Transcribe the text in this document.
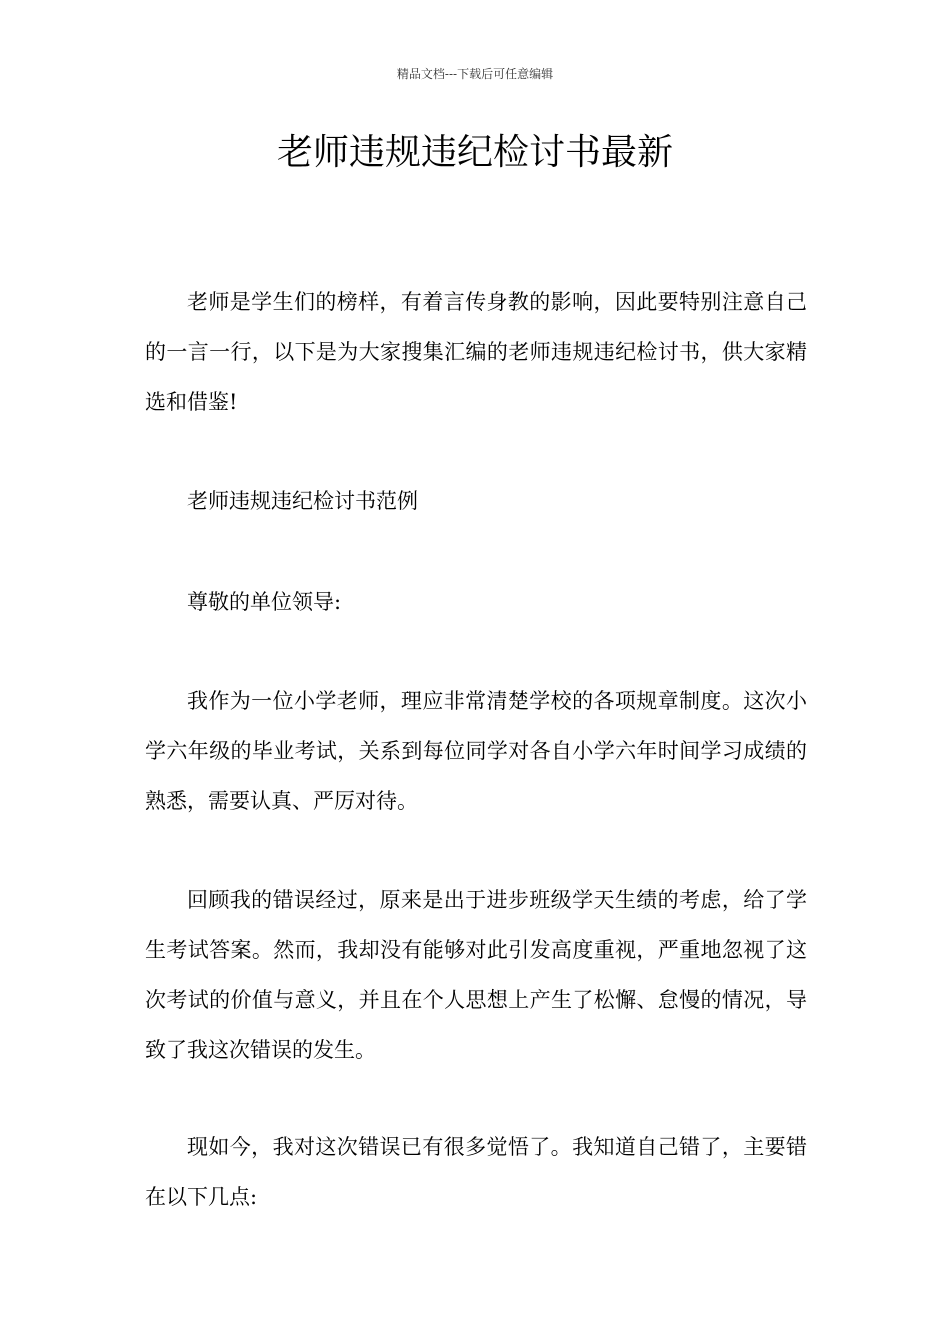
精品文档---下载后可任意编辑
老师违规违纪检讨书最新

老师是学生们的榜样，有着言传身教的影响，因此要特别注意自己的一言一行，以下是为大家搜集汇编的老师违规违纪检讨书，供大家精选和借鉴!

老师违规违纪检讨书范例

尊敬的单位领导:

我作为一位小学老师，理应非常清楚学校的各项规章制度。这次小学六年级的毕业考试，关系到每位同学对各自小学六年时间学习成绩的熟悉，需要认真、严厉对待。

回顾我的错误经过，原来是出于进步班级学天生绩的考虑，给了学生考试答案。然而，我却没有能够对此引发高度重视，严重地忽视了这次考试的价值与意义，并且在个人思想上产生了松懈、怠慢的情况，导致了我这次错误的发生。

现如今，我对这次错误已有很多觉悟了。我知道自己错了，主要错在以下几点:
